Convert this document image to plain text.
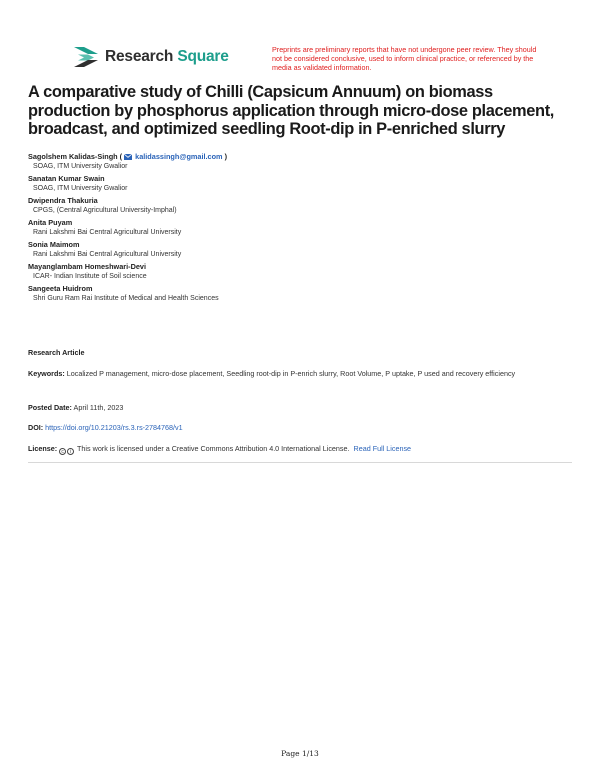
Research Square	Preprints are preliminary reports that have not undergone peer review. They should not be considered conclusive, used to inform clinical practice, or referenced by the media as validated information.
A comparative study of Chilli (Capsicum Annuum) on biomass production by phosphorus application through micro-dose placement, broadcast, and optimized seedling Root-dip in P-enriched slurry
Sagolshem Kalidas-Singh (  kalidassingh@gmail.com )
SOAG, ITM University Gwalior
Sanatan Kumar Swain
SOAG, ITM University Gwalior
Dwipendra Thakuria
CPGS, (Central Agricultural University-Imphal)
Anita Puyam
Rani Lakshmi Bai Central Agricultural University
Sonia Maimom
Rani Lakshmi Bai Central Agricultural University
Mayanglambam Homeshwari-Devi
ICAR- Indian Institute of Soil science
Sangeeta Huidrom
Shri Guru Ram Rai Institute of Medical and Health Sciences
Research Article
Keywords: Localized P management, micro-dose placement, Seedling root-dip in P-enrich slurry, Root Volume, P uptake, P used and recovery efficiency
Posted Date: April 11th, 2023
DOI: https://doi.org/10.21203/rs.3.rs-2784768/v1
License: c i This work is licensed under a Creative Commons Attribution 4.0 International License. Read Full License
Page 1/13
